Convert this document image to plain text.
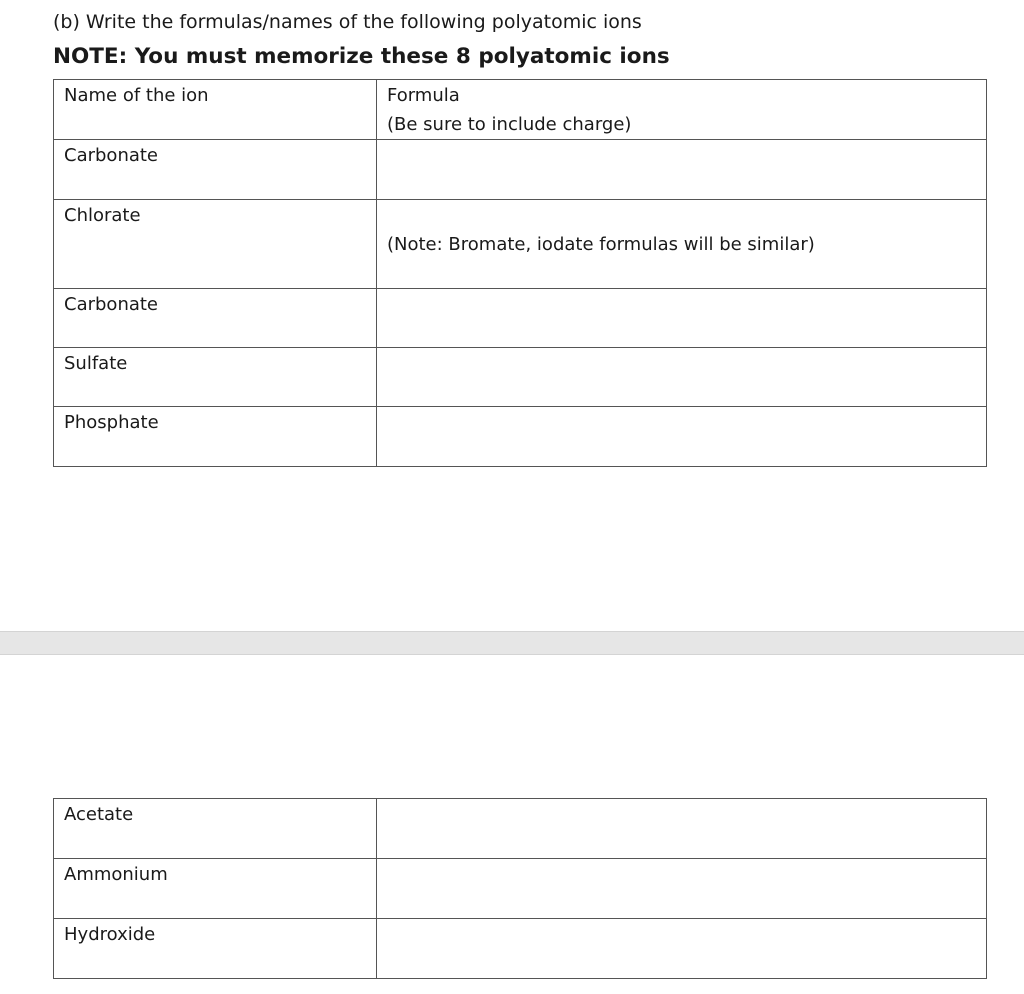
(b) Write the formulas/names of the following polyatomic ions
NOTE: You must memorize these 8 polyatomic ions
Name of the ion	Formula
(Be sure to include charge)

Carbonate	
Chlorate	(Note: Bromate, iodate formulas will be similar)

Carbonate	
Sulfate	
Phosphate	
Acetate	
Ammonium	
Hydroxide	
